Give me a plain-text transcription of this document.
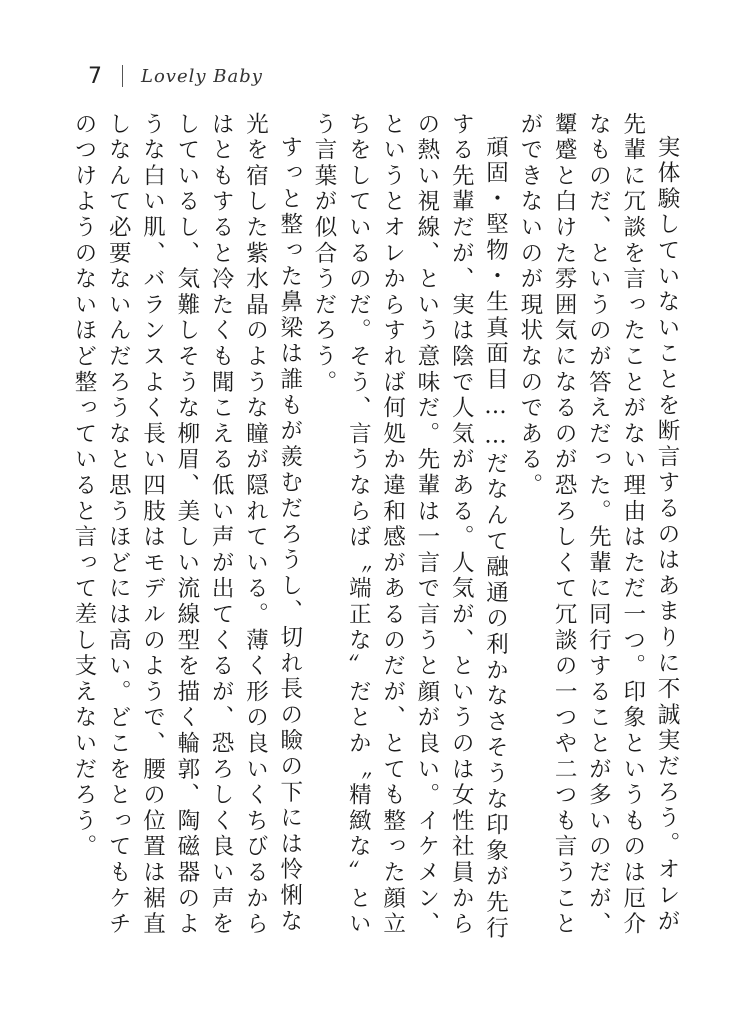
7 Lovely Baby

実体験していないことを断言するのはあまりに不誠実だろう。オレが先輩に冗談を言ったことがない理由はただ一つ。印象というものは厄介なものだ、というのが答えだった。先輩に同行することが多いのだが、顰蹙と白けた雰囲気になるのが恐ろしくて冗談の一つや二つも言うことができないのが現状なのである。

頑固・堅物・生真面目……だなんて融通の利かなさそうな印象が先行する先輩だが、実は陰で人気がある。人気が、というのは女性社員からの熱い視線、という意味だ。先輩は一言で言うと顔が良い。イケメン、というとオレからすれば何処か違和感があるのだが、とても整った顔立ちをしているのだ。そう、言うならば〝端正な〟だとか〝精緻な〟という言葉が似合うだろう。

すっと整った鼻梁は誰もが羨むだろうし、切れ長の瞼の下には怜悧な光を宿した紫水晶のような瞳が隠れている。薄く形の良いくちびるからはともすると冷たくも聞こえる低い声が出てくるが、恐ろしく良い声をしているし、気難しそうな柳眉、美しい流線型を描く輪郭、陶磁器のような白い肌、バランスよく長い四肢はモデルのようで、腰の位置は裾直しなんて必要ないんだろうなと思うほどには高い。どこをとってもケチのつけようのないほど整っていると言って差し支えないだろう。
